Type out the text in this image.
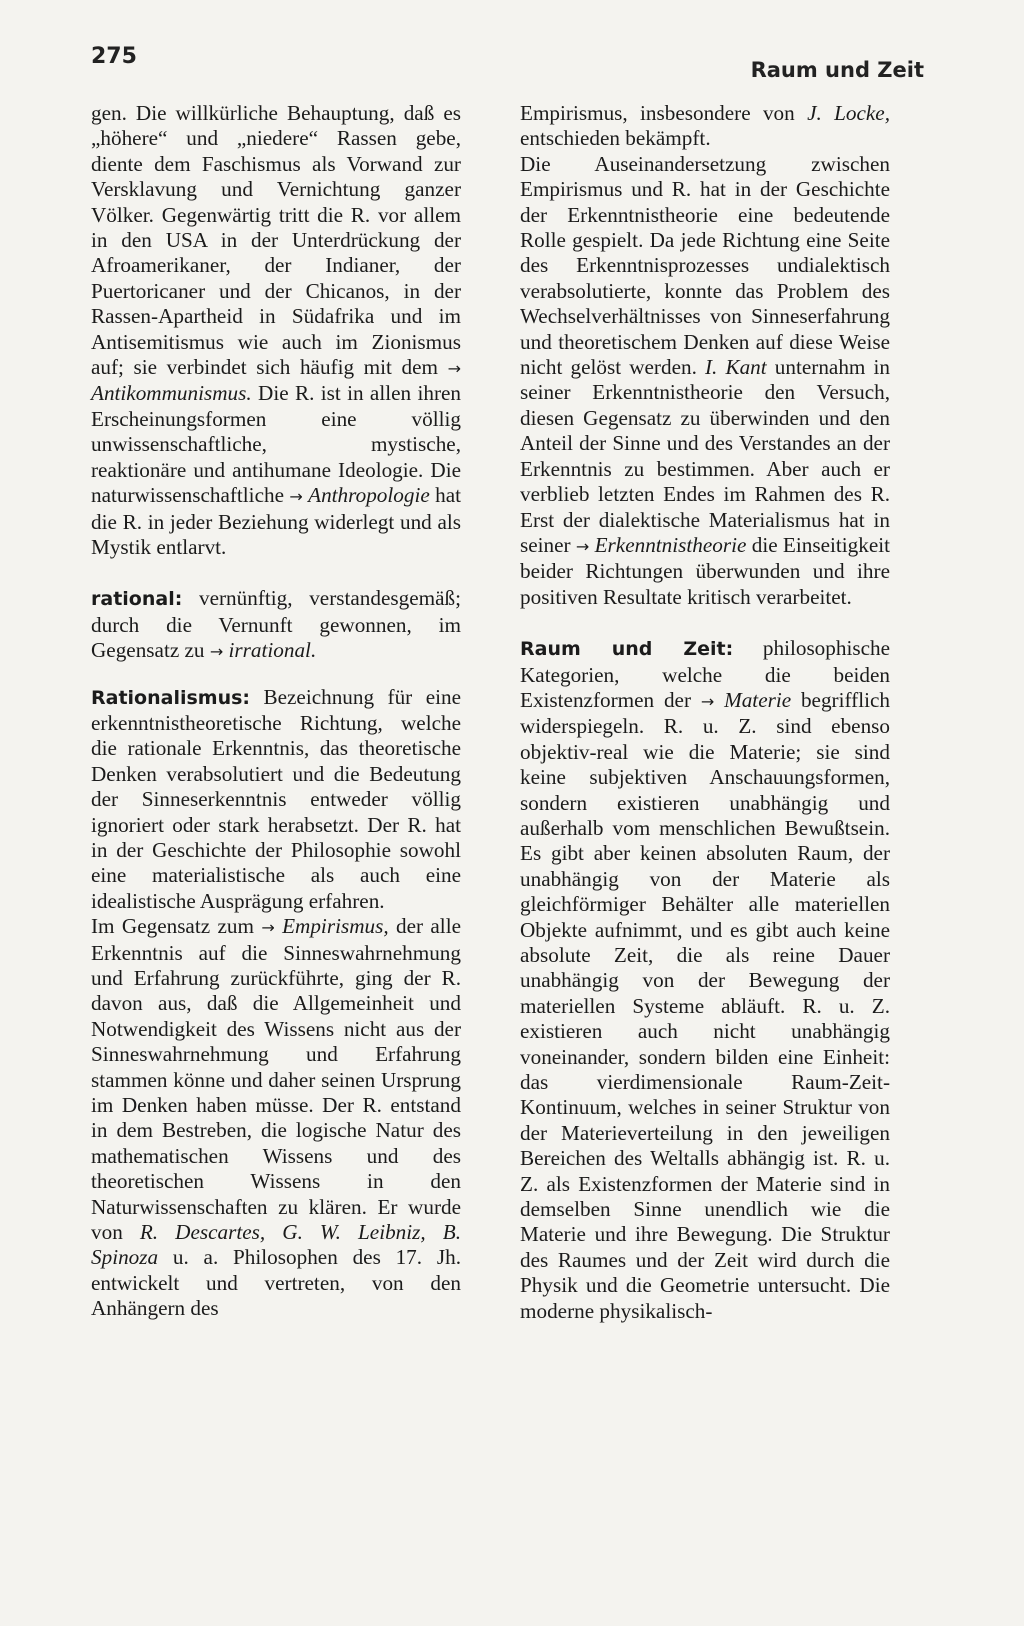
275
Raum und Zeit

gen. Die willkürliche Behauptung, daß es „höhere“ und „niedere“ Rassen gebe, diente dem Faschismus als Vorwand zur Versklavung und Vernichtung ganzer Völker. Gegenwärtig tritt die R. vor allem in den USA in der Unterdrückung der Afroamerikaner, der Indianer, der Puertoricaner und der Chicanos, in der Rassen-Apartheid in Südafrika und im Antisemitismus wie auch im Zionismus auf; sie verbindet sich häufig mit dem → Antikommunismus. Die R. ist in allen ihren Erscheinungsformen eine völlig unwissenschaftliche, mystische, reaktionäre und antihumane Ideologie. Die naturwissenschaftliche → Anthropologie hat die R. in jeder Beziehung widerlegt und als Mystik entlarvt.

rational: vernünftig, verstandesgemäß; durch die Vernunft gewonnen, im Gegensatz zu → irrational.

Rationalismus: Bezeichnung für eine erkenntnistheoretische Richtung, welche die rationale Erkenntnis, das theoretische Denken verabsolutiert und die Bedeutung der Sinneserkenntnis entweder völlig ignoriert oder stark herabsetzt. Der R. hat in der Geschichte der Philosophie sowohl eine materialistische als auch eine idealistische Ausprägung erfahren.

Im Gegensatz zum → Empirismus, der alle Erkenntnis auf die Sinneswahrnehmung und Erfahrung zurückführte, ging der R. davon aus, daß die Allgemeinheit und Notwendigkeit des Wissens nicht aus der Sinneswahrnehmung und Erfahrung stammen könne und daher seinen Ursprung im Denken haben müsse. Der R. entstand in dem Bestreben, die logische Natur des mathematischen Wissens und des theoretischen Wissens in den Naturwissenschaften zu klären. Er wurde von R. Descartes, G. W. Leibniz, B. Spinoza u. a. Philosophen des 17. Jh. entwickelt und vertreten, von den Anhängern des

Empirismus, insbesondere von J. Locke, entschieden bekämpft.

Die Auseinandersetzung zwischen Empirismus und R. hat in der Geschichte der Erkenntnistheorie eine bedeutende Rolle gespielt. Da jede Richtung eine Seite des Erkenntnisprozesses undialektisch verabsolutierte, konnte das Problem des Wechselverhältnisses von Sinneserfahrung und theoretischem Denken auf diese Weise nicht gelöst werden. I. Kant unternahm in seiner Erkenntnistheorie den Versuch, diesen Gegensatz zu überwinden und den Anteil der Sinne und des Verstandes an der Erkenntnis zu bestimmen. Aber auch er verblieb letzten Endes im Rahmen des R. Erst der dialektische Materialismus hat in seiner → Erkenntnistheorie die Einseitigkeit beider Richtungen überwunden und ihre positiven Resultate kritisch verarbeitet.

Raum und Zeit: philosophische Kategorien, welche die beiden Existenzformen der → Materie begrifflich widerspiegeln. R. u. Z. sind ebenso objektiv-real wie die Materie; sie sind keine subjektiven Anschauungsformen, sondern existieren unabhängig und außerhalb vom menschlichen Bewußtsein. Es gibt aber keinen absoluten Raum, der unabhängig von der Materie als gleichförmiger Behälter alle materiellen Objekte aufnimmt, und es gibt auch keine absolute Zeit, die als reine Dauer unabhängig von der Bewegung der materiellen Systeme abläuft. R. u. Z. existieren auch nicht unabhängig voneinander, sondern bilden eine Einheit: das vierdimensionale Raum-Zeit-Kontinuum, welches in seiner Struktur von der Materieverteilung in den jeweiligen Bereichen des Weltalls abhängig ist. R. u. Z. als Existenzformen der Materie sind in demselben Sinne unendlich wie die Materie und ihre Bewegung. Die Struktur des Raumes und der Zeit wird durch die Physik und die Geometrie untersucht. Die moderne physikalisch-
